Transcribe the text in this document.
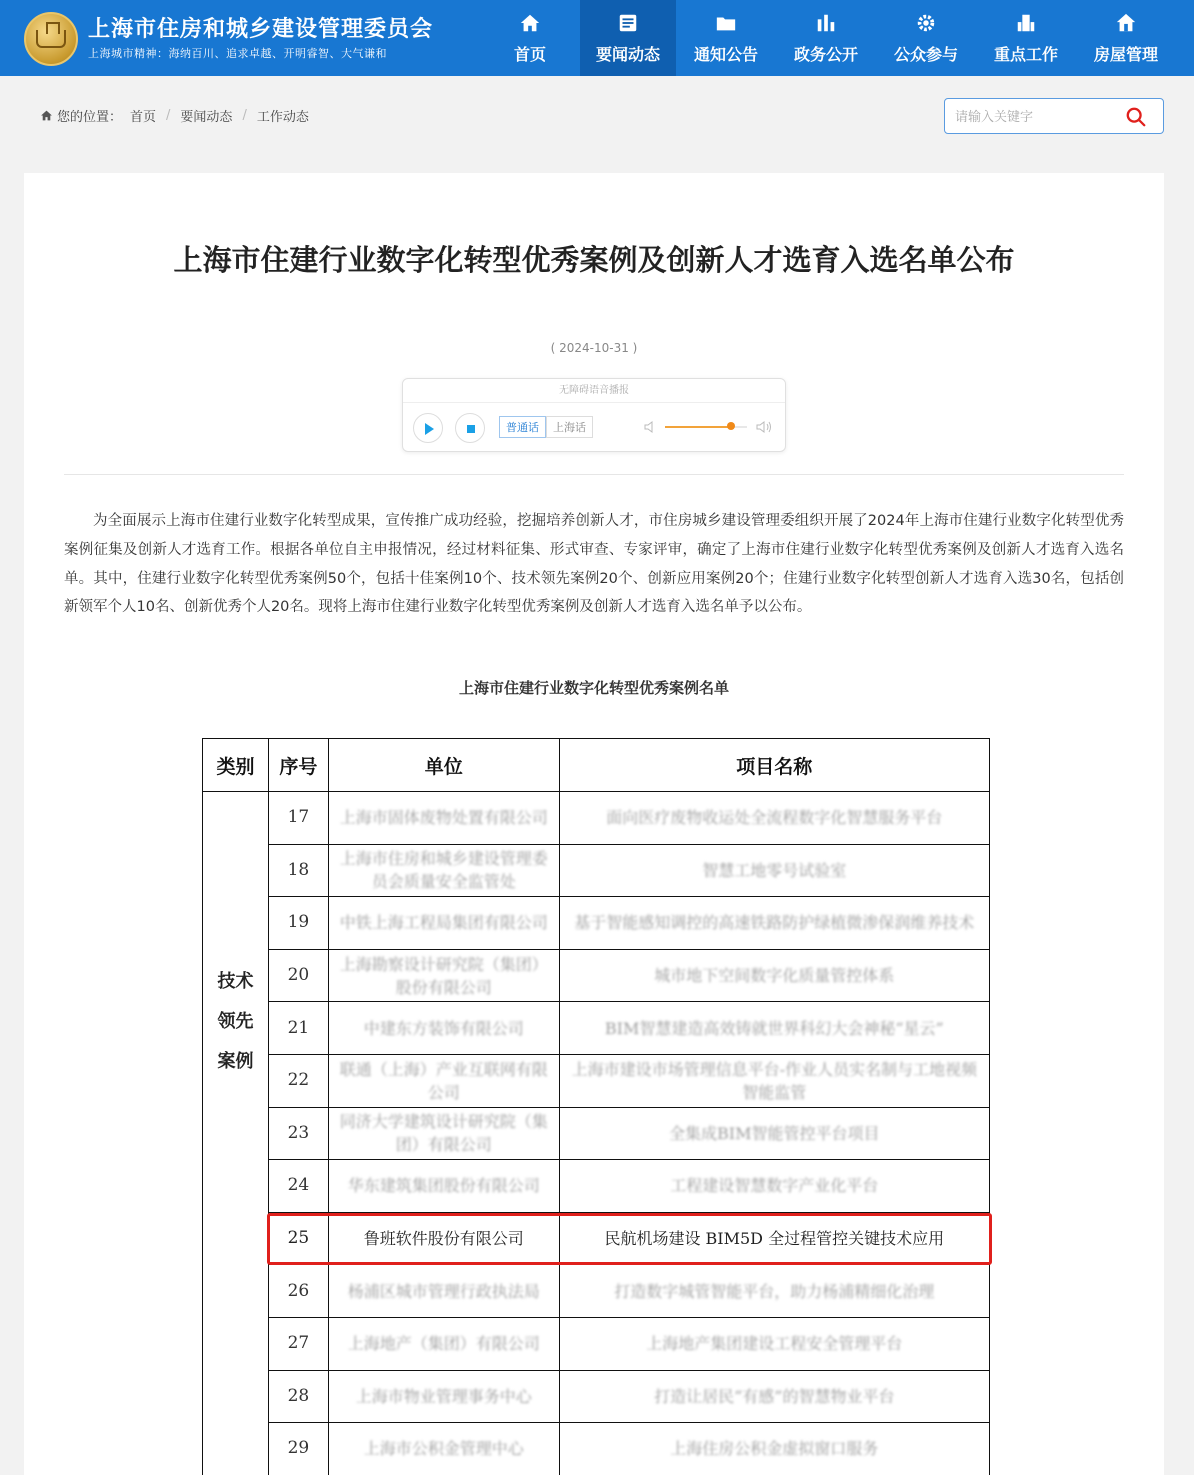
上海市住房和城乡建设管理委员会
上海城市精神：海纳百川、追求卓越、开明睿智、大气谦和	首页	要闻动态 通知公告 政务公开 公众参与 重点工作 房屋管理
您的位置： 首页 / 要闻动态 / 工作动态
请输入关键字
上海市住建行业数字化转型优秀案例及创新人才选育入选名单公布
( 2024-10-31 )
无障碍语音播报
普通话	上海话

为全面展示上海市住建行业数字化转型成果，宣传推广成功经验，挖掘培养创新人才，市住房城乡建设管理委组织开展了2024年上海市住建行业数字化转型优秀案例征集及创新人才选育工作。根据各单位自主申报情况，经过材料征集、形式审查、专家评审，确定了上海市住建行业数字化转型优秀案例及创新人才选育入选名单。其中，住建行业数字化转型优秀案例50个，包括十佳案例10个、技术领先案例20个、创新应用案例20个；住建行业数字化转型创新人才选育入选30名，包括创新领军个人10名、创新优秀个人20名。现将上海市住建行业数字化转型优秀案例及创新人才选育入选名单予以公布。

上海市住建行业数字化转型优秀案例名单
类别	序号	单位	项目名称
技术
领先
案例	17	上海市固体废物处置有限公司	面向医疗废物收运处全流程数字化智慧服务平台
	18	上海市住房和城乡建设管理委员会质量安全监管处	智慧工地零号试验室
	19	中铁上海工程局集团有限公司	基于智能感知调控的高速铁路防护绿植微渗保润维养技术
	20	上海勘察设计研究院（集团）股份有限公司	城市地下空间数字化质量管控体系
	21	中建东方装饰有限公司	BIM智慧建造高效铸就世界科幻大会神秘“星云”
	22	联通（上海）产业互联网有限公司	上海市建设市场管理信息平台-作业人员实名制与工地视频智能监管
	23	同济大学建筑设计研究院（集团）有限公司	全集成BIM智能管控平台项目
	24	华东建筑集团股份有限公司	工程建设智慧数字产业化平台
	25	鲁班软件股份有限公司	民航机场建设 BIM5D 全过程管控关键技术应用
	26	杨浦区城市管理行政执法局	打造数字城管智能平台，助力杨浦精细化治理
	27	上海地产（集团）有限公司	上海地产集团建设工程安全管理平台
	28	上海市物业管理事务中心	打造让居民“有感”的智慧物业平台
	29	上海市公积金管理中心	上海住房公积金虚拟窗口服务
